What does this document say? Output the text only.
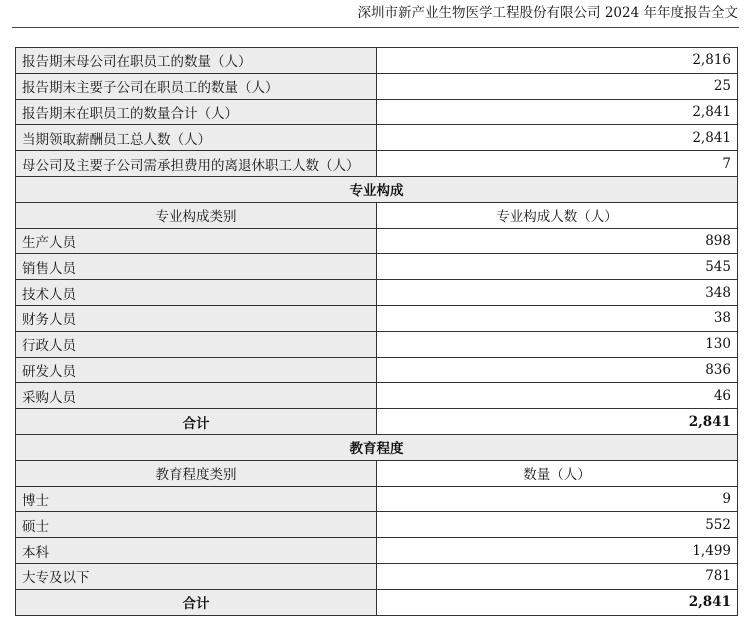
深圳市新产业生物医学工程股份有限公司 2024 年年度报告全文
报告期末母公司在职员工的数量（人）	2,816
报告期末主要子公司在职员工的数量（人）	25
报告期末在职员工的数量合计（人）	2,841
当期领取薪酬员工总人数（人）	2,841
母公司及主要子公司需承担费用的离退休职工人数（人）	7
专业构成	
专业构成类别	专业构成人数（人）
生产人员	898
销售人员	545
技术人员	348
财务人员	38
行政人员	130
研发人员	836
采购人员	46
合计	2,841
教育程度	
教育程度类别	数量（人）
博士	9
硕士	552
本科	1,499
大专及以下	781
合计	2,841
